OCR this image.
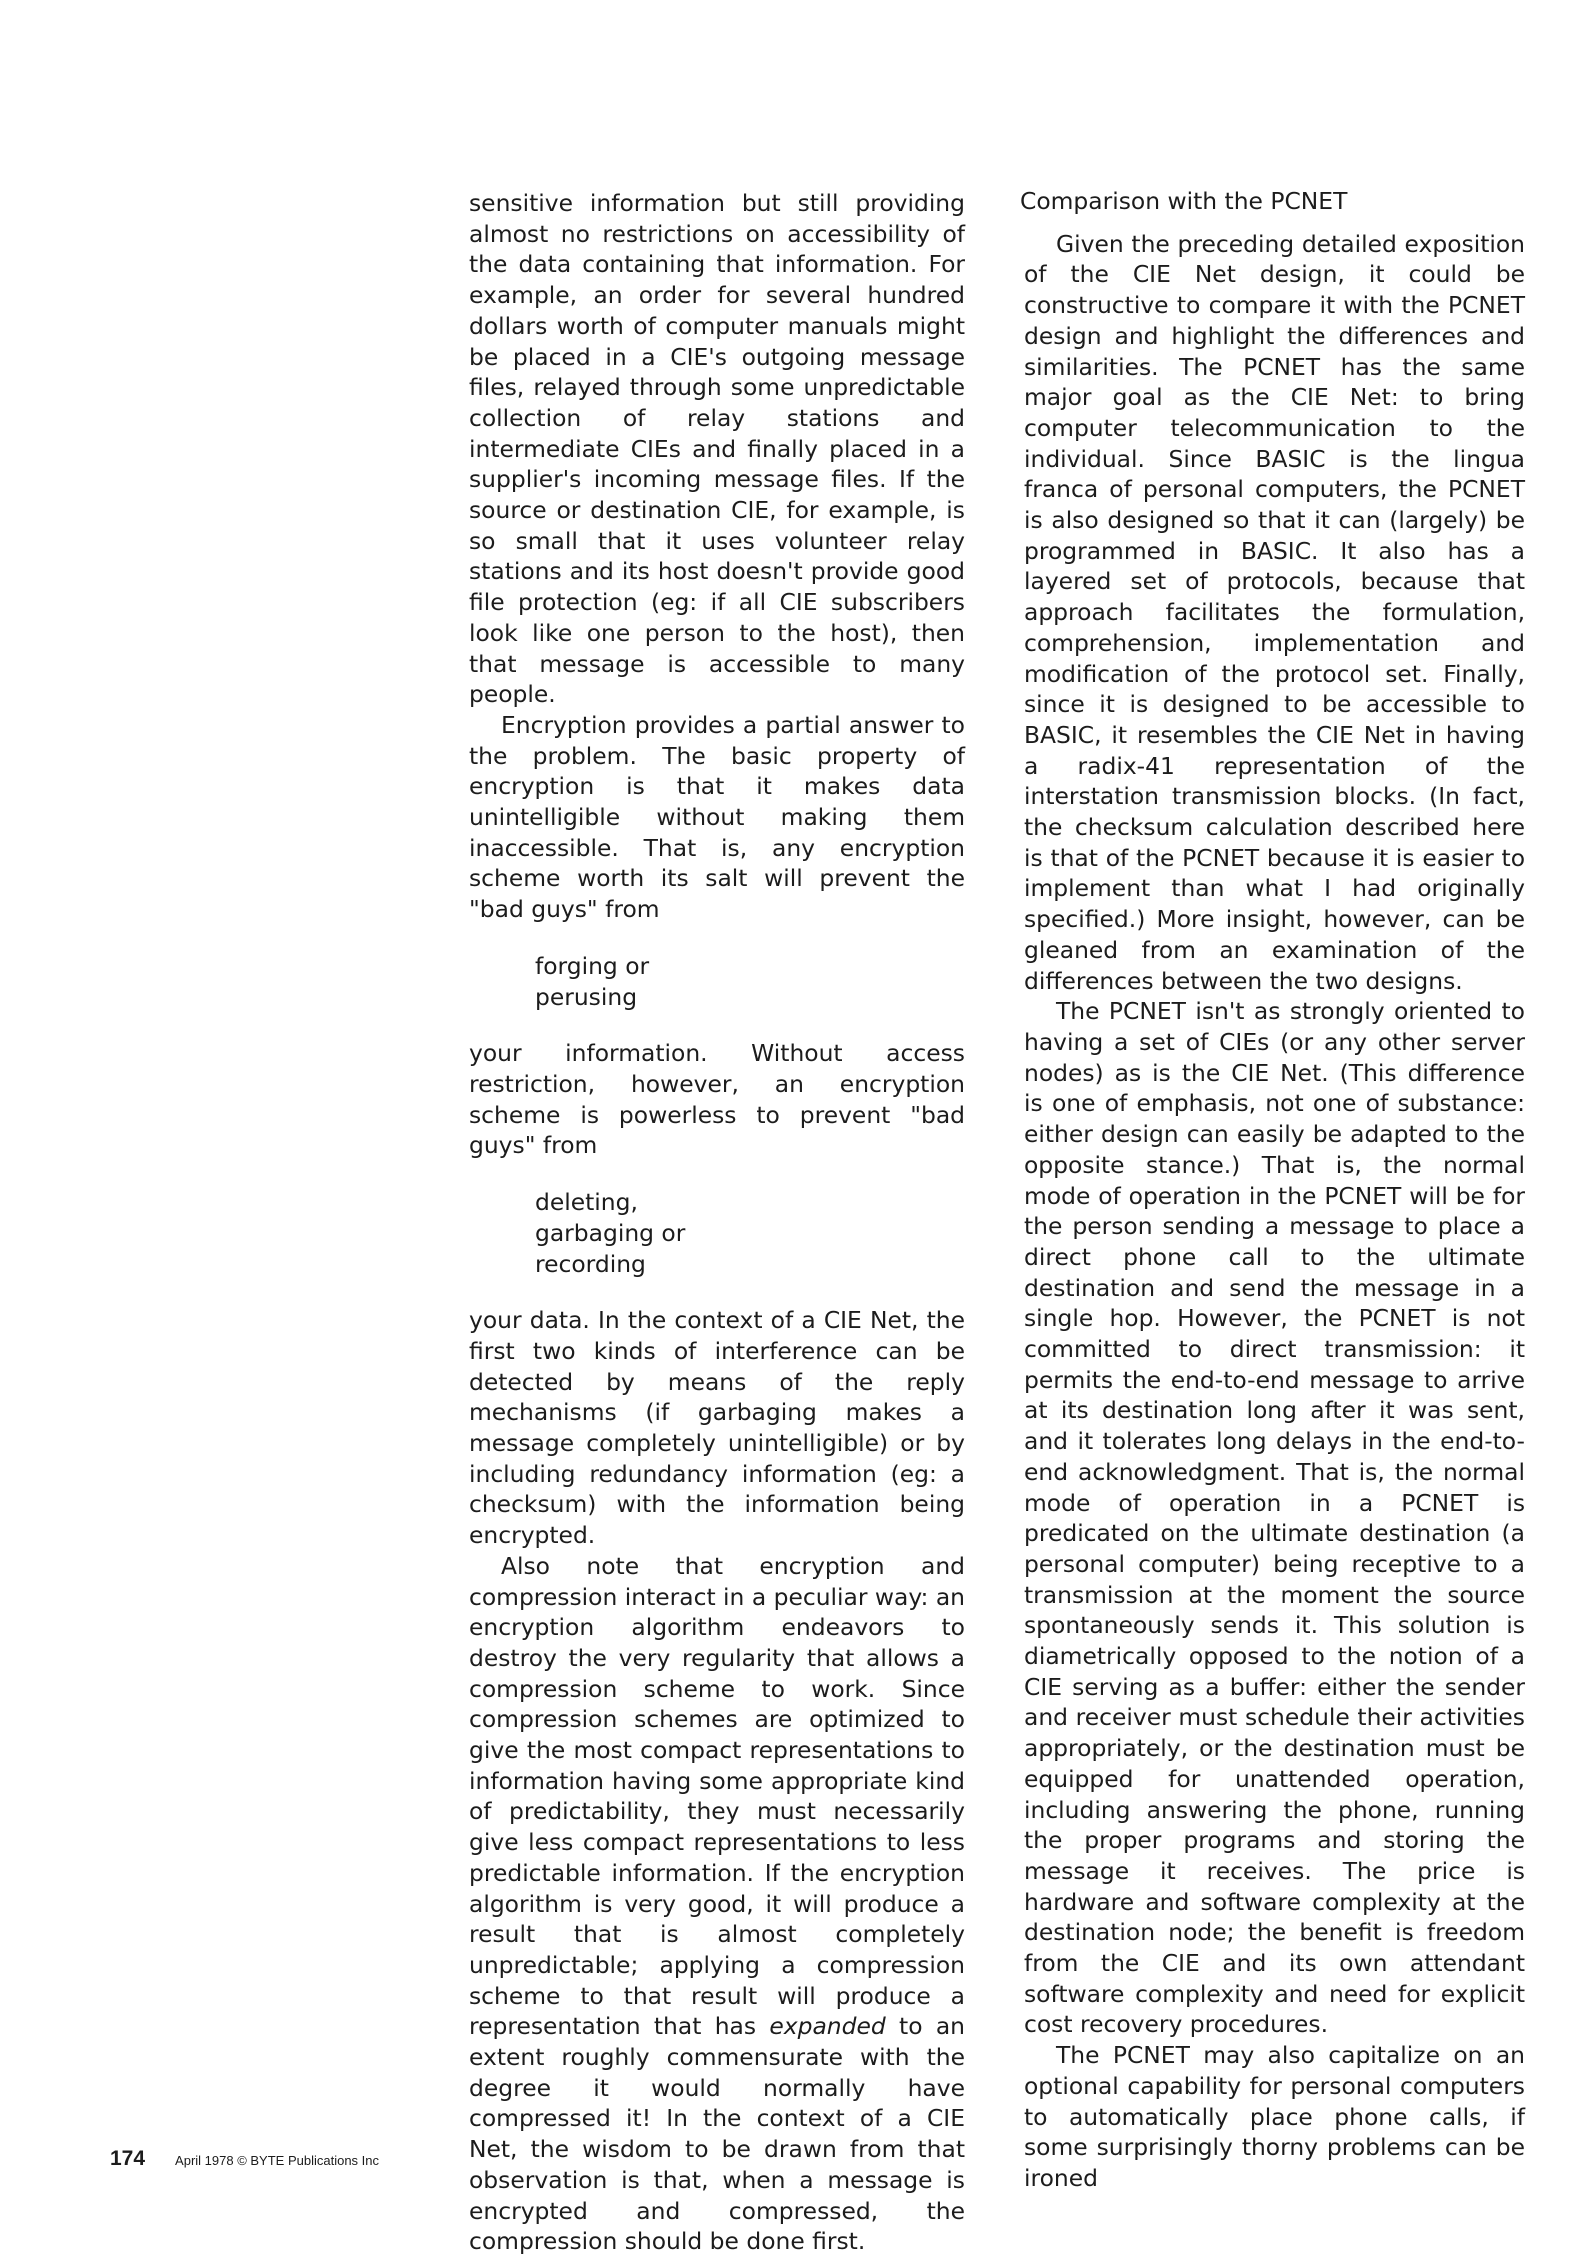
sensitive information but still providing almost no restrictions on accessibility of the data containing that information. For example, an order for several hundred dollars worth of computer manuals might be placed in a CIE's outgoing message files, relayed through some unpredictable collection of relay stations and intermediate CIEs and finally placed in a supplier's incoming message files. If the source or destination CIE, for example, is so small that it uses volunteer relay stations and its host doesn't provide good file protection (eg: if all CIE subscribers look like one person to the host), then that message is accessible to many people.

Encryption provides a partial answer to the problem. The basic property of encryption is that it makes data unintelligible without making them inaccessible. That is, any encryption scheme worth its salt will prevent the "bad guys" from

forging or
perusing

your information. Without access restriction, however, an encryption scheme is powerless to prevent "bad guys" from

deleting,
garbaging or
recording

your data. In the context of a CIE Net, the first two kinds of interference can be detected by means of the reply mechanisms (if garbaging makes a message completely unintelligible) or by including redundancy information (eg: a checksum) with the information being encrypted.

Also note that encryption and compression interact in a peculiar way: an encryption algorithm endeavors to destroy the very regularity that allows a compression scheme to work. Since compression schemes are optimized to give the most compact representations to information having some appropriate kind of predictability, they must necessarily give less compact representations to less predictable information. If the encryption algorithm is very good, it will produce a result that is almost completely unpredictable; applying a compression scheme to that result will produce a representation that has expanded to an extent roughly commensurate with the degree it would normally have compressed it! In the context of a CIE Net, the wisdom to be drawn from that observation is that, when a message is encrypted and compressed, the compression should be done first.

Comparison with the PCNET

Given the preceding detailed exposition of the CIE Net design, it could be constructive to compare it with the PCNET design and highlight the differences and similarities. The PCNET has the same major goal as the CIE Net: to bring computer telecommunication to the individual. Since BASIC is the lingua franca of personal computers, the PCNET is also designed so that it can (largely) be programmed in BASIC. It also has a layered set of protocols, because that approach facilitates the formulation, comprehension, implementation and modification of the protocol set. Finally, since it is designed to be accessible to BASIC, it resembles the CIE Net in having a radix-41 representation of the interstation transmission blocks. (In fact, the checksum calculation described here is that of the PCNET because it is easier to implement than what I had originally specified.) More insight, however, can be gleaned from an examination of the differences between the two designs.

The PCNET isn't as strongly oriented to having a set of CIEs (or any other server nodes) as is the CIE Net. (This difference is one of emphasis, not one of substance: either design can easily be adapted to the opposite stance.) That is, the normal mode of operation in the PCNET will be for the person sending a message to place a direct phone call to the ultimate destination and send the message in a single hop. However, the PCNET is not committed to direct transmission: it permits the end-to-end message to arrive at its destination long after it was sent, and it tolerates long delays in the end-to-end acknowledgment. That is, the normal mode of operation in a PCNET is predicated on the ultimate destination (a personal computer) being receptive to a transmission at the moment the source spontaneously sends it. This solution is diametrically opposed to the notion of a CIE serving as a buffer: either the sender and receiver must schedule their activities appropriately, or the destination must be equipped for unattended operation, including answering the phone, running the proper programs and storing the message it receives. The price is hardware and software complexity at the destination node; the benefit is freedom from the CIE and its own attendant software complexity and need for explicit cost recovery procedures.

The PCNET may also capitalize on an optional capability for personal computers to automatically place phone calls, if some surprisingly thorny problems can be ironed

174 April 1978 © BYTE Publications Inc
